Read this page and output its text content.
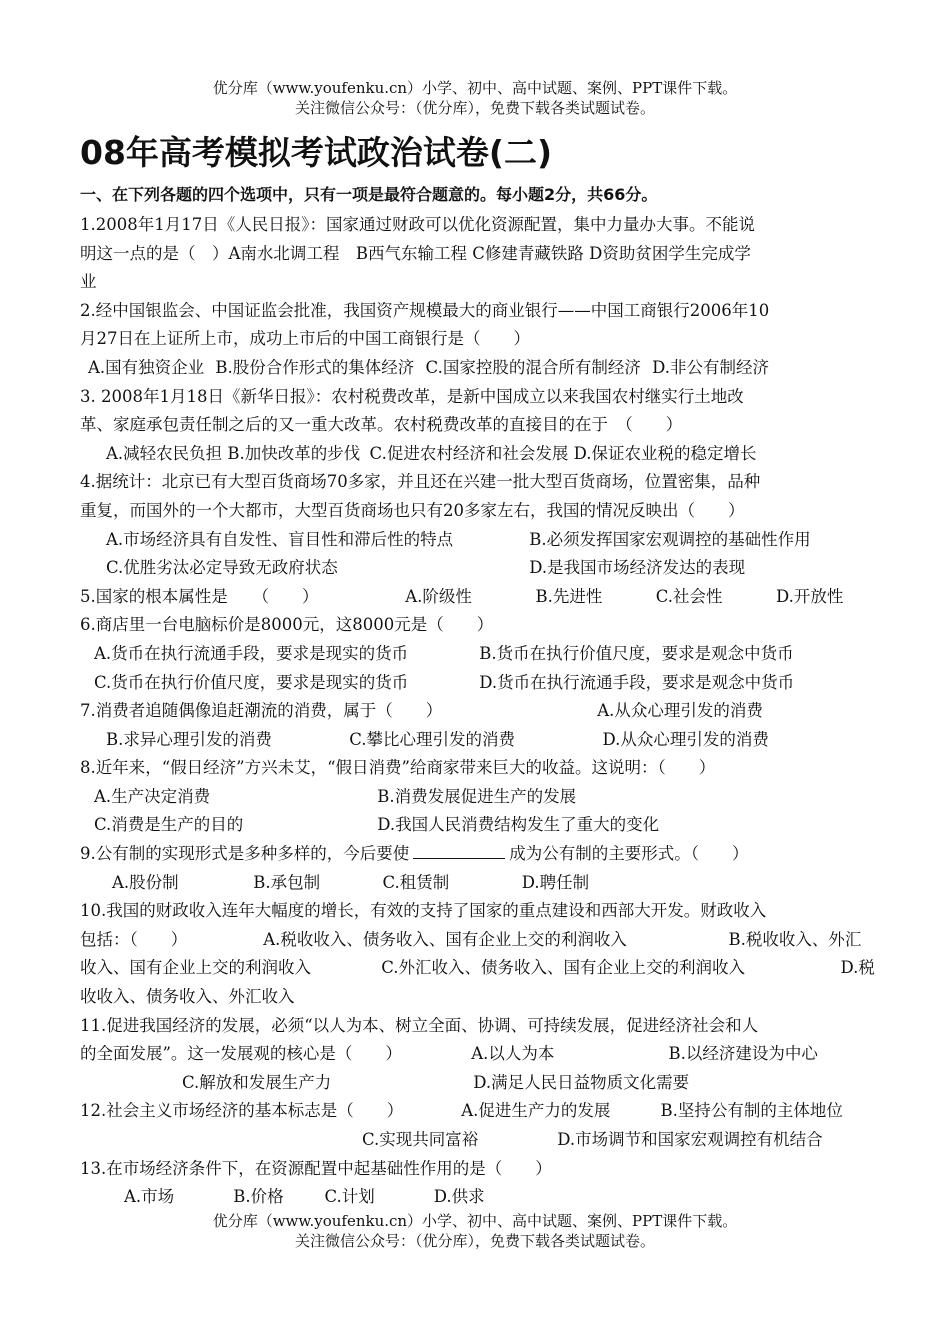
优分库（www.youfenku.cn）小学、初中、高中试题、案例、PPT课件下载。
关注微信公众号：（优分库），免费下载各类试题试卷。
08年高考模拟考试政治试卷(二)
一、在下列各题的四个选项中，只有一项是最符合题意的。每小题2分，共66分。
1.2008年1月17日《人民日报》：国家通过财政可以优化资源配置，集中力量办大事。不能说
明这一点的是（　）A南水北调工程　B西气东输工程 C修建青藏铁路 D资助贫困学生完成学
业
2.经中国银监会、中国证监会批准，我国资产规模最大的商业银行——中国工商银行2006年10
月27日在上证所上市，成功上市后的中国工商银行是（　　）
A.国有独资企业 B.股份合作形式的集体经济 C.国家控股的混合所有制经济 D.非公有制经济
3. 2008年1月18日《新华日报》：农村税费改革，是新中国成立以来我国农村继实行土地改
革、家庭承包责任制之后的又一重大改革。农村税费改革的直接目的在于　（　　）
A.减轻农民负担 B.加快改革的步伐 C.促进农村经济和社会发展 D.保证农业税的稳定增长
4.据统计：北京已有大型百货商场70多家，并且还在兴建一批大型百货商场，位置密集，品种
重复，而国外的一个大都市，大型百货商场也只有20多家左右，我国的情况反映出（　　）
A.市场经济具有自发性、盲目性和滞后性的特点	B.必须发挥国家宏观调控的基础性作用
C.优胜劣汰必定导致无政府状态	D.是我国市场经济发达的表现
5.国家的根本属性是　　（　　）	A.阶级性	B.先进性	C.社会性	D.开放性
6.商店里一台电脑标价是8000元，这8000元是（　　）
A.货币在执行流通手段，要求是现实的货币	B.货币在执行价值尺度，要求是观念中货币
C.货币在执行价值尺度，要求是现实的货币	D.货币在执行流通手段，要求是观念中货币
7.消费者追随偶像追赶潮流的消费，属于（　　）	A.从众心理引发的消费
B.求异心理引发的消费	C.攀比心理引发的消费	D.从众心理引发的消费
8.近年来，“假日经济”方兴未艾，“假日消费”给商家带来巨大的收益。这说明：（　　）
A.生产决定消费	B.消费发展促进生产的发展
C.消费是生产的目的	D.我国人民消费结构发生了重大的变化
9.公有制的实现形式是多种多样的，今后要使	成为公有制的主要形式。（　　）
A.股份制	B.承包制	C.租赁制	D.聘任制
10.我国的财政收入连年大幅度的增长，有效的支持了国家的重点建设和西部大开发。财政收入
包括：（　　）	A.税收收入、债务收入、国有企业上交的利润收入	B.税收收入、外汇
收入、国有企业上交的利润收入	C.外汇收入、债务收入、国有企业上交的利润收入	D.税
收收入、债务收入、外汇收入
11.促进我国经济的发展，必须“以人为本、树立全面、协调、可持续发展，促进经济社会和人
的全面发展”。这一发展观的核心是（　　）	A.以人为本	B.以经济建设为中心
C.解放和发展生产力	D.满足人民日益物质文化需要
12.社会主义市场经济的基本标志是（　　）	A.促进生产力的发展	B.坚持公有制的主体地位
C.实现共同富裕	D.市场调节和国家宏观调控有机结合
13.在市场经济条件下，在资源配置中起基础性作用的是（　　）
A.市场	B.价格 C.计划	D.供求
优分库（www.youfenku.cn）小学、初中、高中试题、案例、PPT课件下载。
关注微信公众号：（优分库），免费下载各类试题试卷。
